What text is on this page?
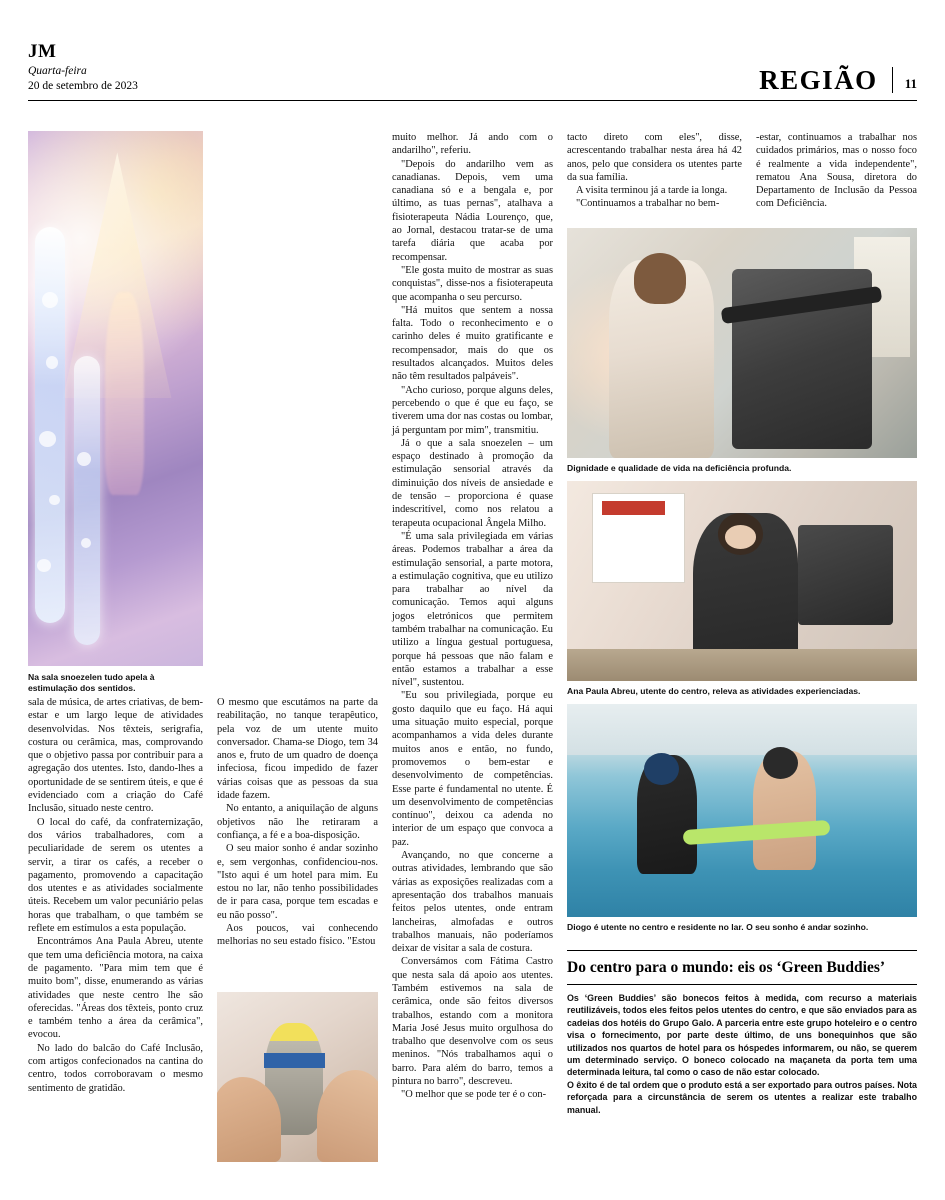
JM
Quarta-feira
20 de setembro de 2023	REGIÃO 11
Na sala snoezelen tudo apela à estimulação dos sentidos.
Dignidade e qualidade de vida na deficiência profunda.
Ana Paula Abreu, utente do centro, releva as atividades experienciadas.
Diogo é utente no centro e residente no lar. O seu sonho é andar sozinho.

sala de música, de artes criativas, de bem-estar e um largo leque de atividades desenvolvidas. Nos têxteis, serigrafia, costura ou cerâmica, mas, comprovando que o objetivo passa por contribuir para a agregação dos utentes. Isto, dando-lhes a oportunidade de se sentirem úteis, e que é evidenciado com a criação do Café Inclusão, situado neste centro.

O local do café, da confraternização, dos vários trabalhadores, com a peculiaridade de serem os utentes a servir, a tirar os cafés, a receber o pagamento, promovendo a capacitação dos utentes e as atividades socialmente úteis. Recebem um valor pecuniário pelas horas que trabalham, o que também se reflete em estímulos a esta população.

Encontrámos Ana Paula Abreu, utente que tem uma deficiência motora, na caixa de pagamento. "Para mim tem que é muito bom", disse, enumerando as várias atividades que neste centro lhe são oferecidas. "Áreas dos têxteis, ponto cruz e também tenho a área da cerâmica", evocou.

No lado do balcão do Café Inclusão, com artigos confecionados na cantina do centro, todos corroboravam o mesmo sentimento de gratidão.

O mesmo que escutámos na parte da reabilitação, no tanque terapêutico, pela voz de um utente muito conversador. Chama-se Diogo, tem 34 anos e, fruto de um quadro de doença infeciosa, ficou impedido de fazer várias coisas que as pessoas da sua idade fazem.

No entanto, a aniquilação de alguns objetivos não lhe retiraram a confiança, a fé e a boa-disposição.

O seu maior sonho é andar sozinho e, sem vergonhas, confidenciou-nos. "Isto aqui é um hotel para mim. Eu estou no lar, não tenho possibilidades de ir para casa, porque tem escadas e eu não posso".

Aos poucos, vai conhecendo melhorias no seu estado físico. "Estou

muito melhor. Já ando com o andarilho", referiu.

"Depois do andarilho vem as canadianas. Depois, vem uma canadiana só e a bengala e, por último, as tuas pernas", atalhava a fisioterapeuta Nádia Lourenço, que, ao Jornal, destacou tratar-se de uma tarefa diária que acaba por recompensar.

"Ele gosta muito de mostrar as suas conquistas", disse-nos a fisioterapeuta que acompanha o seu percurso.

"Há muitos que sentem a nossa falta. Todo o reconhecimento e o carinho deles é muito gratificante e recompensador, mais do que os resultados alcançados. Muitos deles não têm resultados palpáveis".

"Acho curioso, porque alguns deles, percebendo o que é que eu faço, se tiverem uma dor nas costas ou lombar, já perguntam por mim", transmitiu.

Já o que a sala snoezelen – um espaço destinado à promoção da estimulação sensorial através da diminuição dos níveis de ansiedade e de tensão – proporciona é quase indescritível, como nos relatou a terapeuta ocupacional Ângela Milho.

"É uma sala privilegiada em várias áreas. Podemos trabalhar a área da estimulação sensorial, a parte motora, a estimulação cognitiva, que eu utilizo para trabalhar ao nível da comunicação. Temos aqui alguns jogos eletrónicos que permitem também trabalhar na comunicação. Eu utilizo a língua gestual portuguesa, porque há pessoas que não falam e então estamos a trabalhar a esse nível", sustentou.

"Eu sou privilegiada, porque eu gosto daquilo que eu faço. Há aqui uma situação muito especial, porque acompanhamos a vida deles durante muitos anos e então, no fundo, promovemos o bem-estar e desenvolvimento de competências. Esse parte é fundamental no utente. É um desenvolvimento de competências contínuo", deixou ca adenda no interior de um espaço que convoca a paz.

Avançando, no que concerne a outras atividades, lembrando que são várias as exposições realizadas com a apresentação dos trabalhos manuais feitos pelos utentes, onde entram lancheiras, almofadas e outros trabalhos manuais, não poderíamos deixar de visitar a sala de costura.

Conversámos com Fátima Castro que nesta sala dá apoio aos utentes. Também estivemos na sala de cerâmica, onde são feitos diversos trabalhos, estando com a monitora Maria José Jesus muito orgulhosa do trabalho que desenvolve com os seus meninos. "Nós trabalhamos aqui o barro. Para além do barro, temos a pintura no barro", descreveu.

"O melhor que se pode ter é o con-

tacto direto com eles", disse, acrescentando trabalhar nesta área há 42 anos, pelo que considera os utentes parte da sua família.

A visita terminou já a tarde ia longa.

"Continuamos a trabalhar no bem-

-estar, continuamos a trabalhar nos cuidados primários, mas o nosso foco é realmente a vida independente", rematou Ana Sousa, diretora do Departamento de Inclusão da Pessoa com Deficiência.

Do centro para o mundo: eis os ‘Green Buddies’

Os ‘Green Buddies’ são bonecos feitos à medida, com recurso a materiais reutilizáveis, todos eles feitos pelos utentes do centro, e que são enviados para as cadeias dos hotéis do Grupo Galo. A parceria entre este grupo hoteleiro e o centro visa o fornecimento, por parte deste último, de uns bonequinhos que são utilizados nos quartos de hotel para os hóspedes informarem, ou não, se querem um determinado serviço. O boneco colocado na maçaneta da porta tem uma determinada leitura, tal como o caso de não estar colocado.

O êxito é de tal ordem que o produto está a ser exportado para outros países. Nota reforçada para a circunstância de serem os utentes a realizar este trabalho manual.
